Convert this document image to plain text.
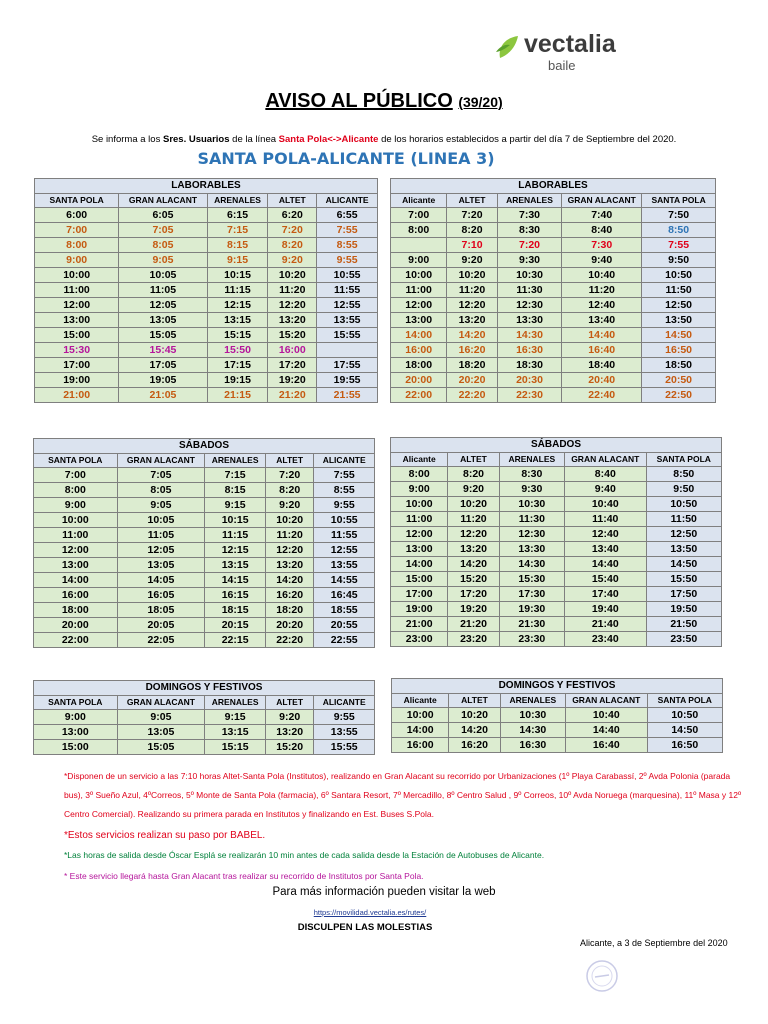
vectalia
baile
AVISO AL PÚBLICO (39/20)
Se informa a los Sres. Usuarios de la línea Santa Pola<->Alicante de los horarios establecidos a partir del día 7 de Septiembre del 2020.
SANTA POLA-ALICANTE (LINEA 3)
LABORABLES				
SANTA POLA	GRAN ALACANT	ARENALES	ALTET	ALICANTE
6:00	6:05	6:15	6:20	6:55
7:00	7:05	7:15	7:20	7:55
8:00	8:05	8:15	8:20	8:55
9:00	9:05	9:15	9:20	9:55
10:00	10:05	10:15	10:20	10:55
11:00	11:05	11:15	11:20	11:55
12:00	12:05	12:15	12:20	12:55
13:00	13:05	13:15	13:20	13:55
15:00	15:05	15:15	15:20	15:55
15:30	15:45	15:50	16:00	
17:00	17:05	17:15	17:20	17:55
19:00	19:05	19:15	19:20	19:55
21:00	21:05	21:15	21:20	21:55
LABORABLES				
Alicante	ALTET	ARENALES	GRAN ALACANT	SANTA POLA
7:00	7:20	7:30	7:40	7:50
8:00	8:20	8:30	8:40	8:50
	7:10	7:20	7:30	7:55
9:00	9:20	9:30	9:40	9:50
10:00	10:20	10:30	10:40	10:50
11:00	11:20	11:30	11:20	11:50
12:00	12:20	12:30	12:40	12:50
13:00	13:20	13:30	13:40	13:50
14:00	14:20	14:30	14:40	14:50
16:00	16:20	16:30	16:40	16:50
18:00	18:20	18:30	18:40	18:50
20:00	20:20	20:30	20:40	20:50
22:00	22:20	22:30	22:40	22:50
SÁBADOS				
SANTA POLA	GRAN ALACANT	ARENALES	ALTET	ALICANTE
7:00	7:05	7:15	7:20	7:55
8:00	8:05	8:15	8:20	8:55
9:00	9:05	9:15	9:20	9:55
10:00	10:05	10:15	10:20	10:55
11:00	11:05	11:15	11:20	11:55
12:00	12:05	12:15	12:20	12:55
13:00	13:05	13:15	13:20	13:55
14:00	14:05	14:15	14:20	14:55
16:00	16:05	16:15	16:20	16:45
18:00	18:05	18:15	18:20	18:55
20:00	20:05	20:15	20:20	20:55
22:00	22:05	22:15	22:20	22:55
SÁBADOS				
Alicante	ALTET	ARENALES	GRAN ALACANT	SANTA POLA
8:00	8:20	8:30	8:40	8:50
9:00	9:20	9:30	9:40	9:50
10:00	10:20	10:30	10:40	10:50
11:00	11:20	11:30	11:40	11:50
12:00	12:20	12:30	12:40	12:50
13:00	13:20	13:30	13:40	13:50
14:00	14:20	14:30	14:40	14:50
15:00	15:20	15:30	15:40	15:50
17:00	17:20	17:30	17:40	17:50
19:00	19:20	19:30	19:40	19:50
21:00	21:20	21:30	21:40	21:50
23:00	23:20	23:30	23:40	23:50
DOMINGOS Y FESTIVOS				
SANTA POLA	GRAN ALACANT	ARENALES	ALTET	ALICANTE
9:00	9:05	9:15	9:20	9:55
13:00	13:05	13:15	13:20	13:55
15:00	15:05	15:15	15:20	15:55
DOMINGOS Y FESTIVOS				
Alicante	ALTET	ARENALES	GRAN ALACANT	SANTA POLA
10:00	10:20	10:30	10:40	10:50
14:00	14:20	14:30	14:40	14:50
16:00	16:20	16:30	16:40	16:50
*Disponen de un servicio a las 7:10 horas Altet-Santa Pola (Institutos), realizando en Gran Alacant su recorrido por Urbanizaciones (1º Playa Carabassí, 2º Avda Polonia (parada bus), 3º Sueño Azul, 4ºCorreos, 5º Monte de Santa Pola (farmacia), 6º Santara Resort, 7º Mercadillo, 8º Centro Salud , 9º Correos, 10º Avda Noruega (marquesina), 11º Masa y 12º Centro Comercial). Realizando su primera parada en Institutos y finalizando en Est. Buses S.Pola.
*Estos servicios realizan su paso por BABEL.
*Las horas de salida desde Óscar Esplá se realizarán 10 min antes de cada salida desde la Estación de Autobuses de Alicante.
* Este servicio llegará hasta Gran Alacant tras realizar su recorrido de Institutos por Santa Pola.
Para más información pueden visitar la web
https://movilidad.vectalia.es/rutes/
DISCULPEN LAS MOLESTIAS
Alicante, a 3 de Septiembre del 2020
